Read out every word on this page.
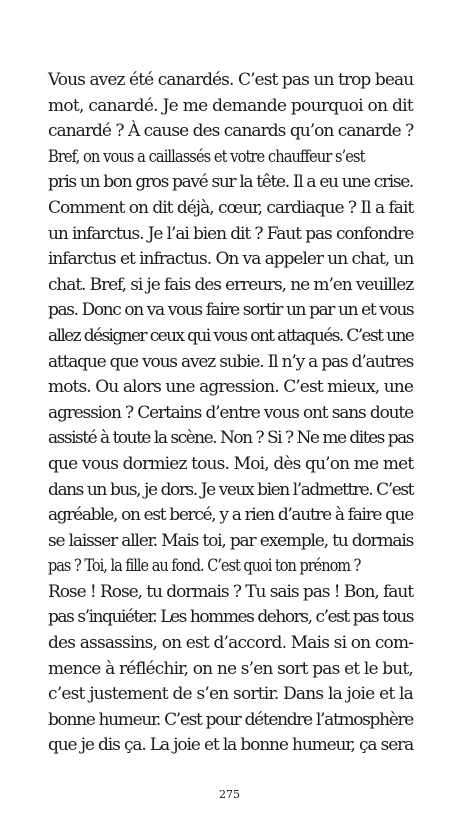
Vous avez été canardés. C’est pas un trop beau
mot, canardé. Je me demande pourquoi on dit
canardé ? À cause des canards qu’on canarde ?
Bref, on vous a caillassés et votre chauffeur s’est
pris un bon gros pavé sur la tête. Il a eu une crise.
Comment on dit déjà, cœur, cardiaque ? Il a fait
un infarctus. Je l’ai bien dit ? Faut pas confondre
infarctus et infractus. On va appeler un chat, un
chat. Bref, si je fais des erreurs, ne m’en veuillez
pas. Donc on va vous faire sortir un par un et vous
allez désigner ceux qui vous ont attaqués. C’est une
attaque que vous avez subie. Il n’y a pas d’autres
mots. Ou alors une agression. C’est mieux, une
agression ? Certains d’entre vous ont sans doute
assisté à toute la scène. Non ? Si ? Ne me dites pas
que vous dormiez tous. Moi, dès qu’on me met
dans un bus, je dors. Je veux bien l’admettre. C’est
agréable, on est bercé, y a rien d’autre à faire que
se laisser aller. Mais toi, par exemple, tu dormais
pas ? Toi, la fille au fond. C’est quoi ton prénom ?
Rose ! Rose, tu dormais ? Tu sais pas ! Bon, faut
pas s’inquiéter. Les hommes dehors, c’est pas tous
des assassins, on est d’accord. Mais si on com-
mence à réfléchir, on ne s’en sort pas et le but,
c’est justement de s’en sortir. Dans la joie et la
bonne humeur. C’est pour détendre l’atmosphère
que je dis ça. La joie et la bonne humeur, ça sera
275
